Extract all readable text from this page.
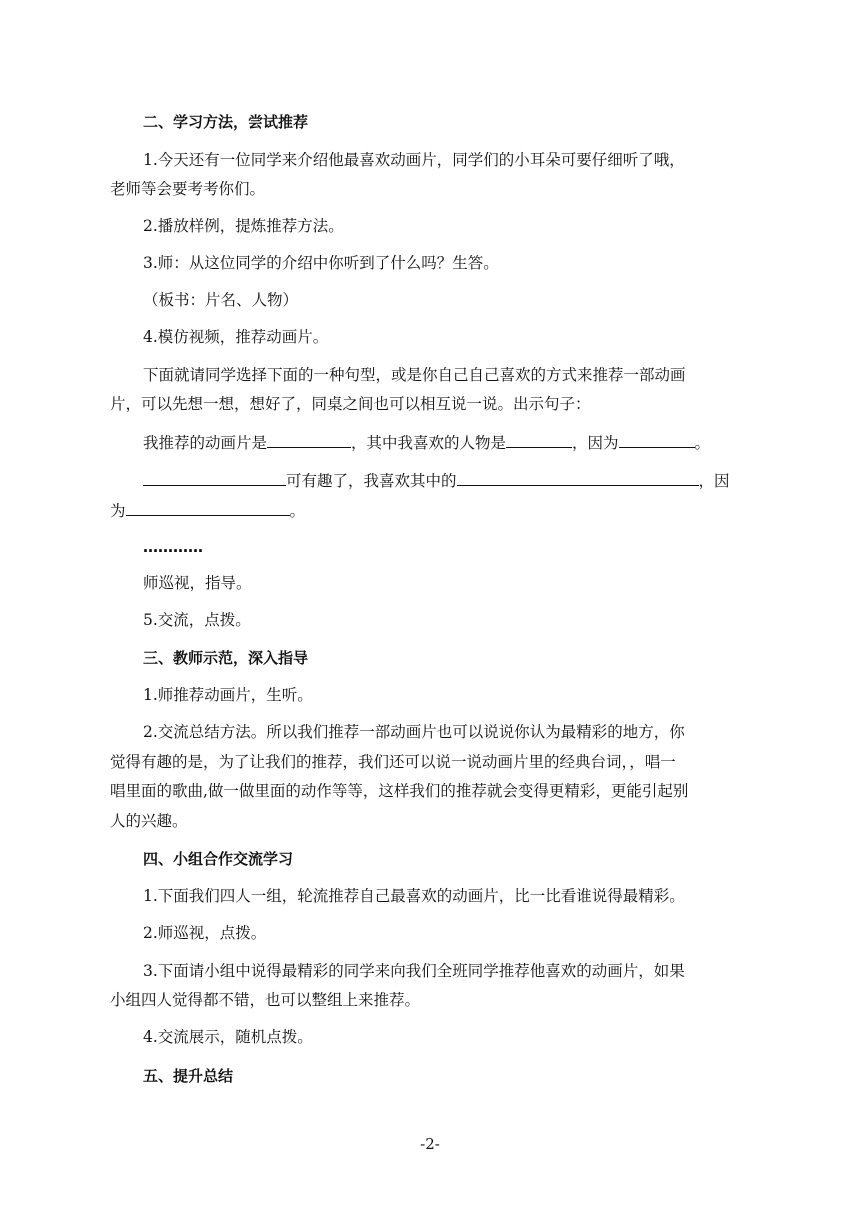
二、学习方法，尝试推荐
1.今天还有一位同学来介绍他最喜欢动画片，同学们的小耳朵可要仔细听了哦，
老师等会要考考你们。
2.播放样例，提炼推荐方法。
3.师：从这位同学的介绍中你听到了什么吗？生答。
（板书：片名、人物）
4.模仿视频，推荐动画片。
下面就请同学选择下面的一种句型，或是你自己自己喜欢的方式来推荐一部动画
片，可以先想一想，想好了，同桌之间也可以相互说一说。出示句子：
我推荐的动画片是	，其中我喜欢的人物是	，因为	。
可有趣了，我喜欢其中的	，因
为	。
…………
师巡视，指导。
5.交流，点拨。
三、教师示范，深入指导
1.师推荐动画片，生听。
2.交流总结方法。所以我们推荐一部动画片也可以说说你认为最精彩的地方，你
觉得有趣的是，为了让我们的推荐，我们还可以说一说动画片里的经典台词，，唱一
唱里面的歌曲,做一做里面的动作等等，这样我们的推荐就会变得更精彩，更能引起别
人的兴趣。
四、小组合作交流学习
1.下面我们四人一组，轮流推荐自己最喜欢的动画片，比一比看谁说得最精彩。
2.师巡视，点拨。
3.下面请小组中说得最精彩的同学来向我们全班同学推荐他喜欢的动画片，如果
小组四人觉得都不错，也可以整组上来推荐。
4.交流展示，随机点拨。
五、提升总结
-2-
